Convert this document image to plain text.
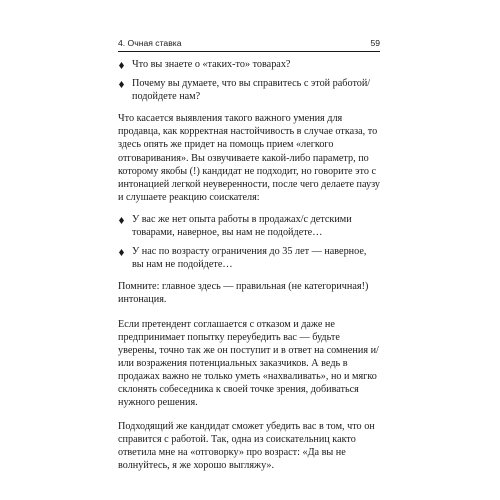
4. Очная ставка	59

Что вы знаете о «таких-то» товарах?

Почему вы думаете, что вы справитесь с этой работой/ подойдете нам?

Что касается выявления такого важного умения для продавца, как корректная настойчивость в случае отказа, то здесь опять же придет на помощь прием «легкого отговаривания». Вы озвучиваете какой-либо параметр, по которому якобы (!) кандидат не подходит, но говорите это с интонацией легкой неуверенности, после чего делаете паузу и слушаете реакцию соискателя:

У вас же нет опыта работы в продажах/с детскими товарами, наверное, вы нам не подойдете…

У нас по возрасту ограничения до 35 лет — наверное, вы нам не подойдете…

Помните: главное здесь — правильная (не категоричная!) интонация.

Если претендент соглашается с отказом и даже не предпринимает попытку переубедить вас — будьте уверены, точно так же он поступит и в ответ на сомнения и/или возражения потенциальных заказчиков. А ведь в продажах важно не только уметь «нахваливать», но и мягко склонять собеседника к своей точке зрения, добиваться нужного решения.

Подходящий же кандидат сможет убедить вас в том, что он справится с работой. Так, одна из соискательниц както ответила мне на «отговорку» про возраст: «Да вы не волнуйтесь, я же хорошо выгляжу».
